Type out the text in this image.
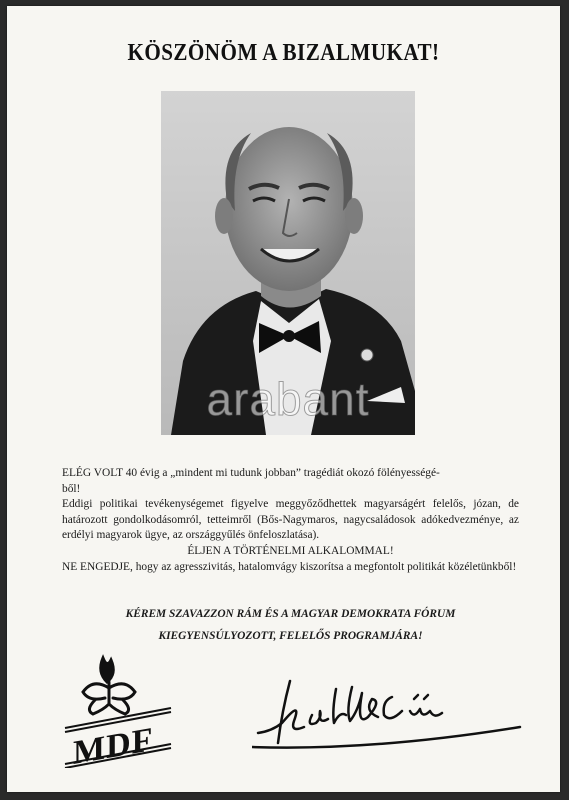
KÖSZÖNÖM A BIZALMUKAT!
arabant

ELÉG VOLT 40 évig a „mindent mi tudunk jobban” tragédiát okozó fölényességé-

ből!

Eddigi politikai tevékenységemet figyelve meggyőződhettek magyarságért felelős, józan, de határozott gondolkodásomról, tetteimről (Bős-Nagymaros, nagycsaládosok adókedvezménye, az erdélyi magyarok ügye, az országgyűlés önfeloszlatása).

ÉLJEN A TÖRTÉNELMI ALKALOMMAL!

NE ENGEDJE, hogy az agresszivitás, hatalomvágy kiszorítsa a megfontolt politikát közéletünkből!

KÉREM SZAVAZZON RÁM ÉS A MAGYAR DEMOKRATA FÓRUM
KIEGYENSÚLYOZOTT, FELELŐS PROGRAMJÁRA!
MDF
